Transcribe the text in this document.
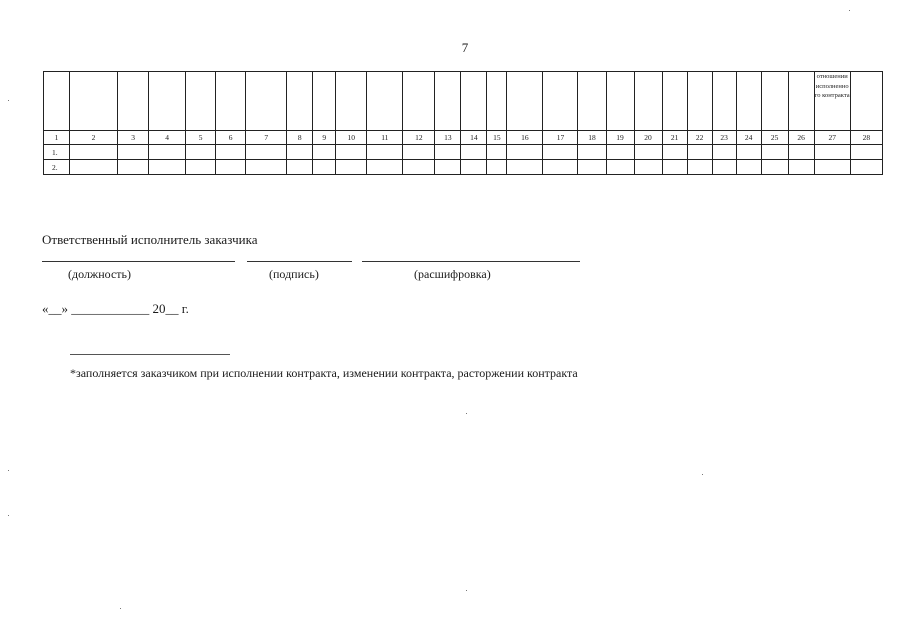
7
																										отношении исполненного контракта	
1	2	3	4	5	6	7	8	9	10	11	12	13	14	15	16	17	18	19	20	21	22	23	24	25	26	27	28
1.																											
2.																											
Ответственный исполнитель заказчика
(должность)	(подпись)	(расшифровка)
«__» ____________ 20__ г.
*заполняется заказчиком при исполнении контракта, изменении контракта, расторжении контракта
